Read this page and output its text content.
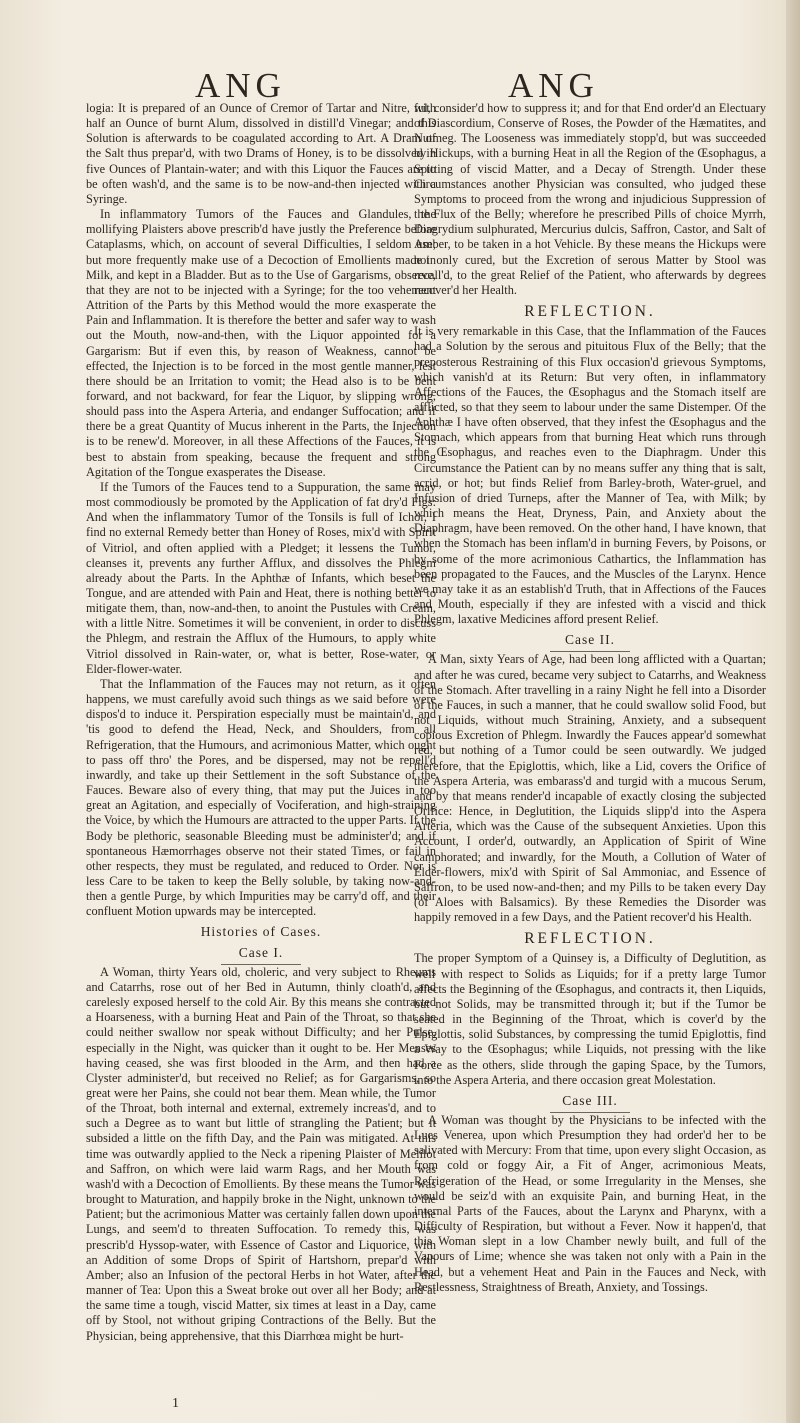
ANG	ANG

logia: It is prepared of an Ounce of Cremor of Tartar and Nitre, with half an Ounce of burnt Alum, dissolved in distill'd Vinegar; and this Solution is afterwards to be coagulated according to Art. A Dram of the Salt thus prepar'd, with two Drams of Honey, is to be dissolved in five Ounces of Plantain-water; and with this Liquor the Fauces are to be often wash'd, and the same is to be now-and-then injected with a Syringe.

In inflammatory Tumors of the Fauces and Glandules, the mollifying Plaisters above prescrib'd have justly the Preference before Cataplasms, which, on account of several Difficulties, I seldom use; but more frequently make use of a Decoction of Emollients made in Milk, and kept in a Bladder. But as to the Use of Gargarisms, observe, that they are not to be injected with a Syringe; for the too vehement Attrition of the Parts by this Method would the more exasperate the Pain and Inflammation. It is therefore the better and safer way to wash out the Mouth, now-and-then, with the Liquor appointed for a Gargarism: But if even this, by reason of Weakness, cannot be effected, the Injection is to be forced in the most gentle manner, lest there should be an Irritation to vomit; the Head also is to be bent forward, and not backward, for fear the Liquor, by slipping wrong, should pass into the Aspera Arteria, and endanger Suffocation; and if there be a great Quantity of Mucus inherent in the Parts, the Injection is to be renew'd. Moreover, in all these Affections of the Fauces, it is best to abstain from speaking, because the frequent and strong Agitation of the Tongue exasperates the Disease.

If the Tumors of the Fauces tend to a Suppuration, the same may most commodiously be promoted by the Application of fat dry'd Figs: And when the inflammatory Tumor of the Tonsils is full of Ichor, I find no external Remedy better than Honey of Roses, mix'd with Spirit of Vitriol, and often applied with a Pledget; it lessens the Tumor, cleanses it, prevents any further Afflux, and dissolves the Phlegm already about the Parts. In the Aphthæ of Infants, which beset the Tongue, and are attended with Pain and Heat, there is nothing better to mitigate them, than, now-and-then, to anoint the Pustules with Cream, with a little Nitre. Sometimes it will be convenient, in order to discuss the Phlegm, and restrain the Afflux of the Humours, to apply white Vitriol dissolved in Rain-water, or, what is better, Rose-water, or Elder-flower-water.

That the Inflammation of the Fauces may not return, as it often happens, we must carefully avoid such things as we said before were dispos'd to induce it. Perspiration especially must be maintain'd, and 'tis good to defend the Head, Neck, and Shoulders, from all Refrigeration, that the Humours, and acrimonious Matter, which ought to pass off thro' the Pores, and be dispersed, may not be repell'd inwardly, and take up their Settlement in the soft Substance of the Fauces. Beware also of every thing, that may put the Juices in too great an Agitation, and especially of Vociferation, and high-straining the Voice, by which the Humours are attracted to the upper Parts. If the Body be plethoric, seasonable Bleeding must be administer'd; and if spontaneous Hæmorrhages observe not their stated Times, or fail in other respects, they must be regulated, and reduced to Order. Nor is less Care to be taken to keep the Belly soluble, by taking now-and-then a gentle Purge, by which Impurities may be carry'd off, and their confluent Motion upwards may be intercepted.

Histories of Cases.
Case I.

A Woman, thirty Years old, choleric, and very subject to Rheums and Catarrhs, rose out of her Bed in Autumn, thinly cloath'd, and carelesly exposed herself to the cold Air. By this means she contracted a Hoarseness, with a burning Heat and Pain of the Throat, so that she could neither swallow nor speak without Difficulty; and her Pulse, especially in the Night, was quicker than it ought to be. Her Menses having ceased, she was first blooded in the Arm, and then had a Clyster administer'd, but received no Relief; as for Gargarisms, so great were her Pains, she could not bear them. Mean while, the Tumor of the Throat, both internal and external, extremely increas'd, and to such a Degree as to want but little of strangling the Patient; but it subsided a little on the fifth Day, and the Pain was mitigated. At this time was outwardly applied to the Neck a ripening Plaister of Melilot and Saffron, on which were laid warm Rags, and her Mouth was wash'd with a Decoction of Emollients. By these means the Tumor was brought to Maturation, and happily broke in the Night, unknown to the Patient; but the acrimonious Matter was certainly fallen down upon the Lungs, and seem'd to threaten Suffocation. To remedy this, was prescrib'd Hyssop-water, with Essence of Castor and Liquorice, with an Addition of some Drops of Spirit of Hartshorn, prepar'd with Amber; also an Infusion of the pectoral Herbs in hot Water, after the manner of Tea: Upon this a Sweat broke out over all her Body; and at the same time a tough, viscid Matter, six times at least in a Day, came off by Stool, not without griping Contractions of the Belly. But the Physician, being apprehensive, that this Diarrhœa might be hurt-

ful, consider'd how to suppress it; and for that End order'd an Electuary of Diascordium, Conserve of Roses, the Powder of the Hæmatites, and Nutmeg. The Looseness was immediately stopp'd, but was succeeded by Hickups, with a burning Heat in all the Region of the Œsophagus, a Spitting of viscid Matter, and a Decay of Strength. Under these Circumstances another Physician was consulted, who judged these Symptoms to proceed from the wrong and injudicious Suppression of the Flux of the Belly; wherefore he prescribed Pills of choice Myrrh, Diagrydium sulphurated, Mercurius dulcis, Saffron, Castor, and Salt of Amber, to be taken in a hot Vehicle. By these means the Hickups were not only cured, but the Excretion of serous Matter by Stool was recall'd, to the great Relief of the Patient, who afterwards by degrees recover'd her Health.

REFLECTION.

It is very remarkable in this Case, that the Inflammation of the Fauces had a Solution by the serous and pituitous Flux of the Belly; that the preposterous Restraining of this Flux occasion'd grievous Symptoms, which vanish'd at its Return: But very often, in inflammatory Affections of the Fauces, the Œsophagus and the Stomach itself are afflicted, so that they seem to labour under the same Distemper. Of the Aphthæ I have often observed, that they infest the Œsophagus and the Stomach, which appears from that burning Heat which runs through the Œsophagus, and reaches even to the Diaphragm. Under this Circumstance the Patient can by no means suffer any thing that is salt, acrid, or hot; but finds Relief from Barley-broth, Water-gruel, and Infusion of dried Turneps, after the Manner of Tea, with Milk; by which means the Heat, Dryness, Pain, and Anxiety about the Diaphragm, have been removed. On the other hand, I have known, that when the Stomach has been inflam'd in burning Fevers, by Poisons, or by some of the more acrimonious Cathartics, the Inflammation has been propagated to the Fauces, and the Muscles of the Larynx. Hence we may take it as an establish'd Truth, that in Affections of the Fauces and Mouth, especially if they are infested with a viscid and thick Phlegm, laxative Medicines afford present Relief.

Case II.

A Man, sixty Years of Age, had been long afflicted with a Quartan; and after he was cured, became very subject to Catarrhs, and Weakness of the Stomach. After travelling in a rainy Night he fell into a Disorder of the Fauces, in such a manner, that he could swallow solid Food, but not Liquids, without much Straining, Anxiety, and a subsequent copious Excretion of Phlegm. Inwardly the Fauces appear'd somewhat red, but nothing of a Tumor could be seen outwardly. We judged therefore, that the Epiglottis, which, like a Lid, covers the Orifice of the Aspera Arteria, was embarass'd and turgid with a mucous Serum, and by that means render'd incapable of exactly closing the subjected Orifice: Hence, in Deglutition, the Liquids slipp'd into the Aspera Arteria, which was the Cause of the subsequent Anxieties. Upon this Account, I order'd, outwardly, an Application of Spirit of Wine camphorated; and inwardly, for the Mouth, a Collution of Water of Elder-flowers, mix'd with Spirit of Sal Ammoniac, and Essence of Saffron, to be used now-and-then; and my Pills to be taken every Day (of Aloes with Balsamics). By these Remedies the Disorder was happily removed in a few Days, and the Patient recover'd his Health.

REFLECTION.

The proper Symptom of a Quinsey is, a Difficulty of Deglutition, as well with respect to Solids as Liquids; for if a pretty large Tumor affects the Beginning of the Œsophagus, and contracts it, then Liquids, but not Solids, may be transmitted through it; but if the Tumor be seated in the Beginning of the Throat, which is cover'd by the Epiglottis, solid Substances, by compressing the tumid Epiglottis, find a Way to the Œsophagus; while Liquids, not pressing with the like Force as the others, slide through the gaping Space, by the Tumors, into the Aspera Arteria, and there occasion great Molestation.

Case III.

A Woman was thought by the Physicians to be infected with the Lues Venerea, upon which Presumption they had order'd her to be salivated with Mercury: From that time, upon every slight Occasion, as from cold or foggy Air, a Fit of Anger, acrimonious Meats, Refrigeration of the Head, or some Irregularity in the Menses, she would be seiz'd with an exquisite Pain, and burning Heat, in the internal Parts of the Fauces, about the Larynx and Pharynx, with a Difficulty of Respiration, but without a Fever. Now it happen'd, that this Woman slept in a low Chamber newly built, and full of the Vapours of Lime; whence she was taken not only with a Pain in the Head, but a vehement Heat and Pain in the Fauces and Neck, with Restlessness, Straightness of Breath, Anxiety, and Tossings.

1
